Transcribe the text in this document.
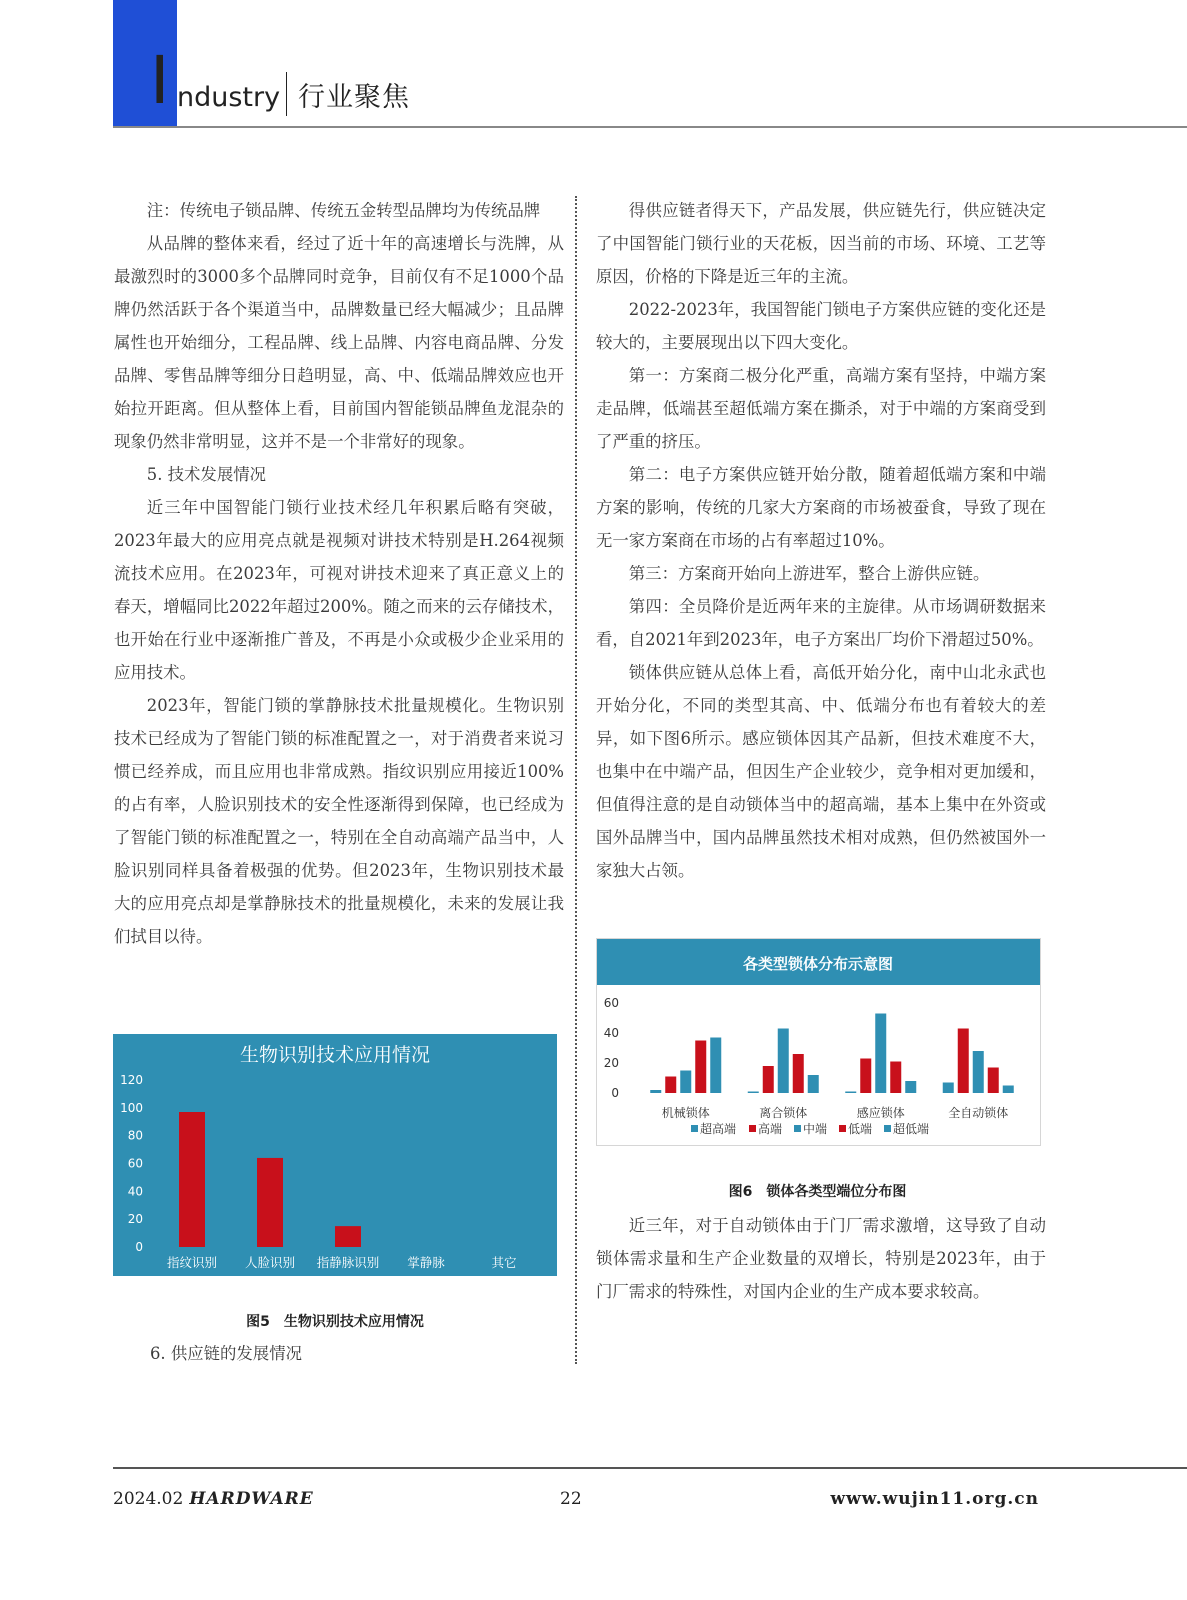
I ndustry 行业聚焦

注：传统电子锁品牌、传统五金转型品牌均为传统品牌

从品牌的整体来看，经过了近十年的高速增长与洗牌，从最激烈时的3000多个品牌同时竞争，目前仅有不足1000个品牌仍然活跃于各个渠道当中，品牌数量已经大幅减少；且品牌属性也开始细分，工程品牌、线上品牌、内容电商品牌、分发品牌、零售品牌等细分日趋明显，高、中、低端品牌效应也开始拉开距离。但从整体上看，目前国内智能锁品牌鱼龙混杂的现象仍然非常明显，这并不是一个非常好的现象。

5. 技术发展情况

近三年中国智能门锁行业技术经几年积累后略有突破，2023年最大的应用亮点就是视频对讲技术特别是H.264视频流技术应用。在2023年，可视对讲技术迎来了真正意义上的春天，增幅同比2022年超过200%。随之而来的云存储技术，也开始在行业中逐渐推广普及，不再是小众或极少企业采用的应用技术。

2023年，智能门锁的掌静脉技术批量规模化。生物识别技术已经成为了智能门锁的标准配置之一，对于消费者来说习惯已经养成，而且应用也非常成熟。指纹识别应用接近100%的占有率，人脸识别技术的安全性逐渐得到保障，也已经成为了智能门锁的标准配置之一，特别在全自动高端产品当中，人脸识别同样具备着极强的优势。但2023年，生物识别技术最大的应用亮点却是掌静脉技术的批量规模化，未来的发展让我们拭目以待。

得供应链者得天下，产品发展，供应链先行，供应链决定了中国智能门锁行业的天花板，因当前的市场、环境、工艺等原因，价格的下降是近三年的主流。

2022-2023年，我国智能门锁电子方案供应链的变化还是较大的，主要展现出以下四大变化。

第一：方案商二极分化严重，高端方案有坚持，中端方案走品牌，低端甚至超低端方案在撕杀，对于中端的方案商受到了严重的挤压。

第二：电子方案供应链开始分散，随着超低端方案和中端方案的影响，传统的几家大方案商的市场被蚕食，导致了现在无一家方案商在市场的占有率超过10%。

第三：方案商开始向上游进军，整合上游供应链。

第四：全员降价是近两年来的主旋律。从市场调研数据来看，自2021年到2023年，电子方案出厂均价下滑超过50%。

锁体供应链从总体上看，高低开始分化，南中山北永武也开始分化，不同的类型其高、中、低端分布也有着较大的差异，如下图6所示。感应锁体因其产品新，但技术难度不大，也集中在中端产品，但因生产企业较少，竞争相对更加缓和，但值得注意的是自动锁体当中的超高端，基本上集中在外资或国外品牌当中，国内品牌虽然技术相对成熟，但仍然被国外一家独大占领。

生物识别技术应用情况
0
20
40
60
80
100
120
指纹识别 人脸识别 指静脉识别 掌静脉	其它
图5　生物识别技术应用情况
6. 供应链的发展情况
各类型锁体分布示意图
0
20
40
60
机械锁体	离合锁体	感应锁体	全自动锁体
超高端 高端 中端 低端 超低端
图6　锁体各类型端位分布图

近三年，对于自动锁体由于门厂需求激增，这导致了自动锁体需求量和生产企业数量的双增长，特别是2023年，由于门厂需求的特殊性，对国内企业的生产成本要求较高。

2024.02 HARDWARE	22	www.wujin11.org.cn
